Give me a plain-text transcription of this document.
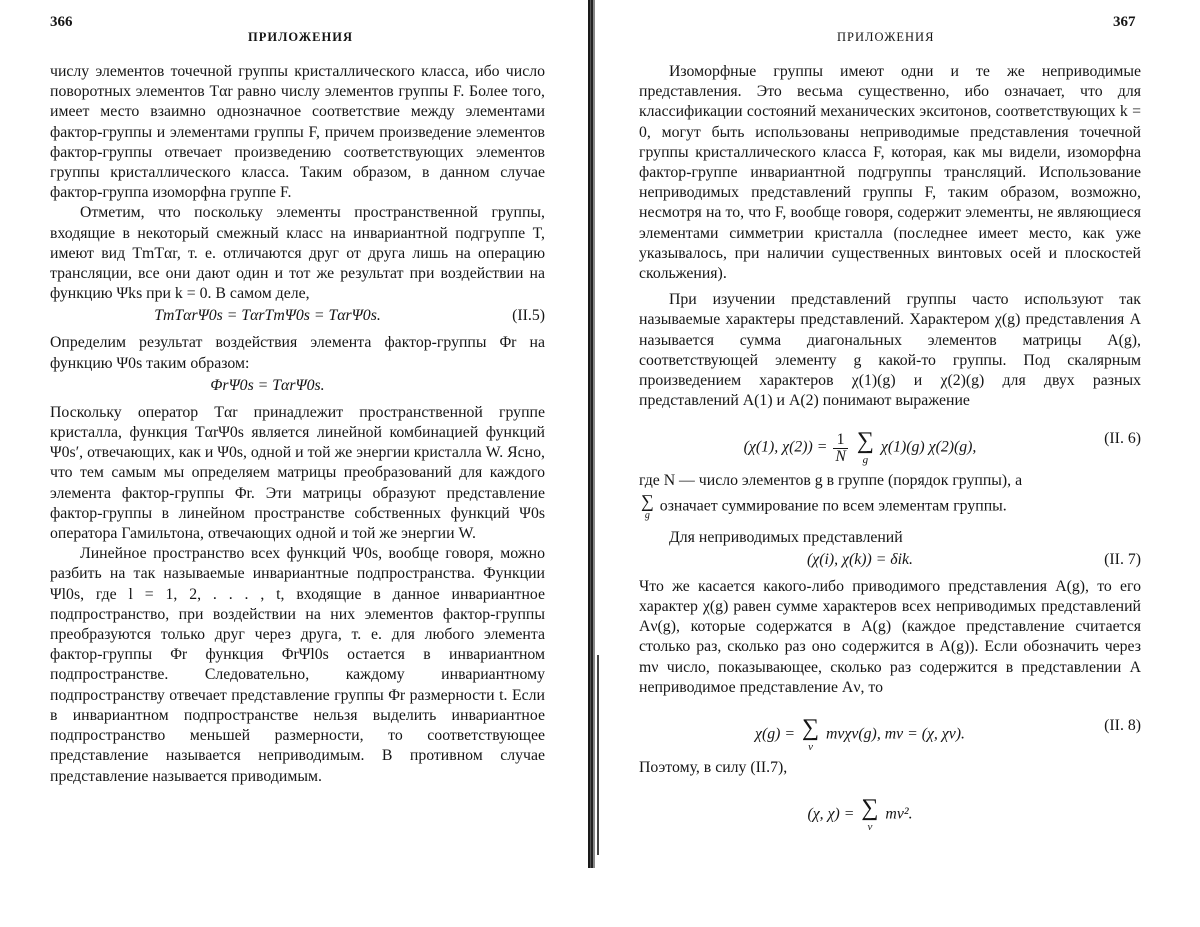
366
ПРИЛОЖЕНИЯ

числу элементов точечной группы кристаллического класса, ибо число поворотных элементов Tαr равно числу элементов группы F. Более того, имеет место взаимно однозначное соответствие между элементами фактор-группы и элементами группы F, причем произведение элементов фактор-группы отвечает произведению соответствующих элементов группы кристаллического класса. Таким образом, в данном случае фактор-группа изоморфна группе F.

Отметим, что поскольку элементы пространственной группы, входящие в некоторый смежный класс на инвариантной подгруппе T, имеют вид TmTαr, т. е. отличаются друг от друга лишь на операцию трансляции, все они дают один и тот же результат при воздействии на функцию Ψks при k = 0. В самом деле,

TmTαrΨ0s = TαrTmΨ0s = TαrΨ0s.	(II.5)

Определим результат воздействия элемента фактор-группы Φr на функцию Ψ0s таким образом:

ΦrΨ0s = TαrΨ0s.

Поскольку оператор Tαr принадлежит пространственной группе кристалла, функция TαrΨ0s является линейной комбинацией функций Ψ0s′, отвечающих, как и Ψ0s, одной и той же энергии кристалла W. Ясно, что тем самым мы определяем матрицы преобразований для каждого элемента фактор-группы Φr. Эти матрицы образуют представление фактор-группы в линейном пространстве собственных функций Ψ0s оператора Гамильтона, отвечающих одной и той же энергии W.

Линейное пространство всех функций Ψ0s, вообще говоря, можно разбить на так называемые инвариантные подпространства. Функции Ψl0s, где l = 1, 2, . . . , t, входящие в данное инвариантное подпространство, при воздействии на них элементов фактор-группы преобразуются только друг через друга, т. е. для любого элемента фактор-группы Φr функция ΦrΨl0s остается в инвариантном подпространстве. Следовательно, каждому инвариантному подпространству отвечает представление группы Φr размерности t. Если в инвариантном подпространстве нельзя выделить инвариантное подпространство меньшей размерности, то соответствующее представление называется неприводимым. В противном случае представление называется приводимым.

ПРИЛОЖЕНИЯ
367

Изоморфные группы имеют одни и те же неприводимые представления. Это весьма существенно, ибо означает, что для классификации состояний механических экситонов, соответствующих k = 0, могут быть использованы неприводимые представления точечной группы кристаллического класса F, которая, как мы видели, изоморфна фактор-группе инвариантной подгруппы трансляций. Использование неприводимых представлений группы F, таким образом, возможно, несмотря на то, что F, вообще говоря, содержит элементы, не являющиеся элементами симметрии кристалла (последнее имеет место, как уже указывалось, при наличии существенных винтовых осей и плоскостей скольжения).

При изучении представлений группы часто используют так называемые характеры представлений. Характером χ(g) представления A называется сумма диагональных элементов матрицы A(g), соответствующей элементу g какой-то группы. Под скалярным произведением характеров χ(1)(g) и χ(2)(g) для двух разных представлений A(1) и A(2) понимают выражение

(χ(1), χ(2)) = 1
N

∑
g
χ(1)(g) χ(2)(g),
(II. 6)

где N — число элементов g в группе (порядок группы), а

∑
g
означает суммирование по всем элементам группы.

Для неприводимых представлений

(χ(i), χ(k)) = δik.	(II. 7)

Что же касается какого-либо приводимого представления A(g), то его характер χ(g) равен сумме характеров всех неприводимых представлений Aν(g), которые содержатся в A(g) (каждое представление считается столько раз, сколько раз оно содержится в A(g)). Если обозначить через mν число, показывающее, сколько раз содержится в представлении A неприводимое представление Aν, то

χ(g) = ∑
ν
mνχν(g), mν = (χ, χν).
(II. 8)

Поэтому, в силу (II.7),

(χ, χ) = ∑
ν
mν².
